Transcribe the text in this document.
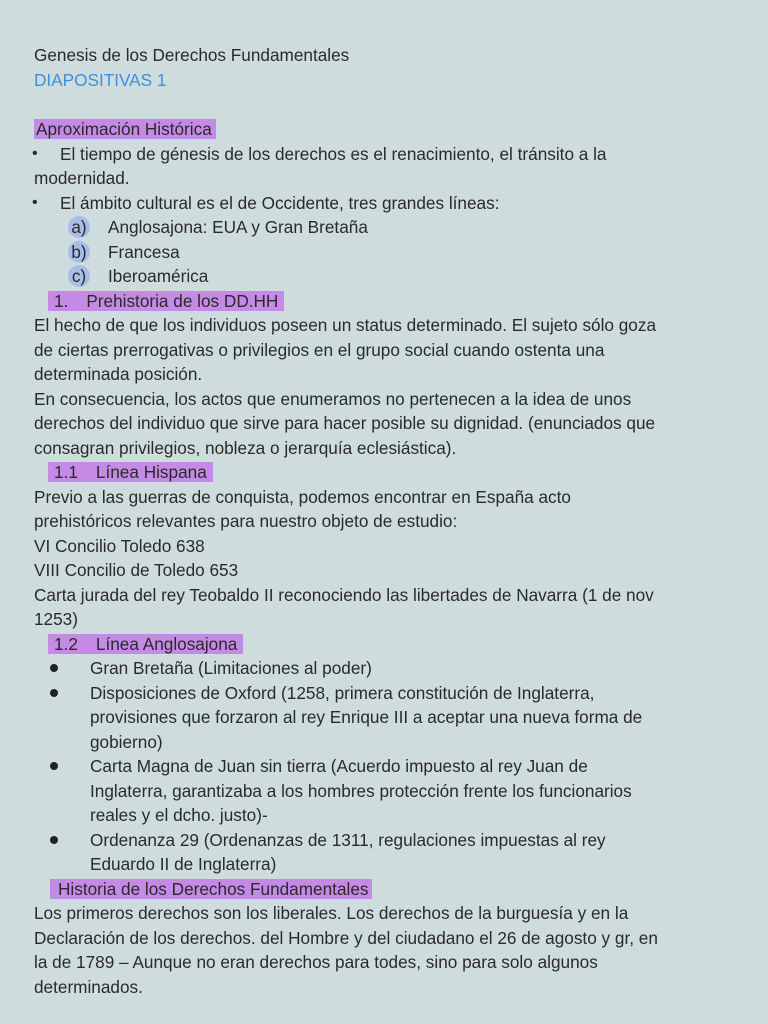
Genesis de los Derechos Fundamentales
DIAPOSITIVAS 1
Aproximación Histórica
• El tiempo de génesis de los derechos es el renacimiento, el tránsito a la
modernidad.
• El ámbito cultural es el de Occidente, tres grandes líneas:
a) Anglosajona: EUA y Gran Bretaña
b) Francesa
c) Iberoamérica
1. Prehistoria de los DD.HH
El hecho de que los individuos poseen un status determinado. El sujeto sólo goza
de ciertas prerrogativas o privilegios en el grupo social cuando ostenta una
determinada posición.
En consecuencia, los actos que enumeramos no pertenecen a la idea de unos
derechos del individuo que sirve para hacer posible su dignidad. (enunciados que
consagran privilegios, nobleza o jerarquía eclesiástica).
1.1 Línea Hispana
Previo a las guerras de conquista, podemos encontrar en España acto
prehistóricos relevantes para nuestro objeto de estudio:
VI Concilio Toledo 638
VIII Concilio de Toledo 653
Carta jurada del rey Teobaldo II reconociendo las libertades de Navarra (1 de nov
1253)
1.2 Línea Anglosajona
Gran Bretaña (Limitaciones al poder)
Disposiciones de Oxford (1258, primera constitución de Inglaterra,
provisiones que forzaron al rey Enrique III a aceptar una nueva forma de
gobierno)
Carta Magna de Juan sin tierra (Acuerdo impuesto al rey Juan de
Inglaterra, garantizaba a los hombres protección frente los funcionarios
reales y el dcho. justo)-
Ordenanza 29 (Ordenanzas de 1311, regulaciones impuestas al rey
Eduardo II de Inglaterra)
Historia de los Derechos Fundamentales
Los primeros derechos son los liberales. Los derechos de la burguesía y en la
Declaración de los derechos. del Hombre y del ciudadano el 26 de agosto y gr, en
la de 1789 – Aunque no eran derechos para todes, sino para solo algunos
determinados.
